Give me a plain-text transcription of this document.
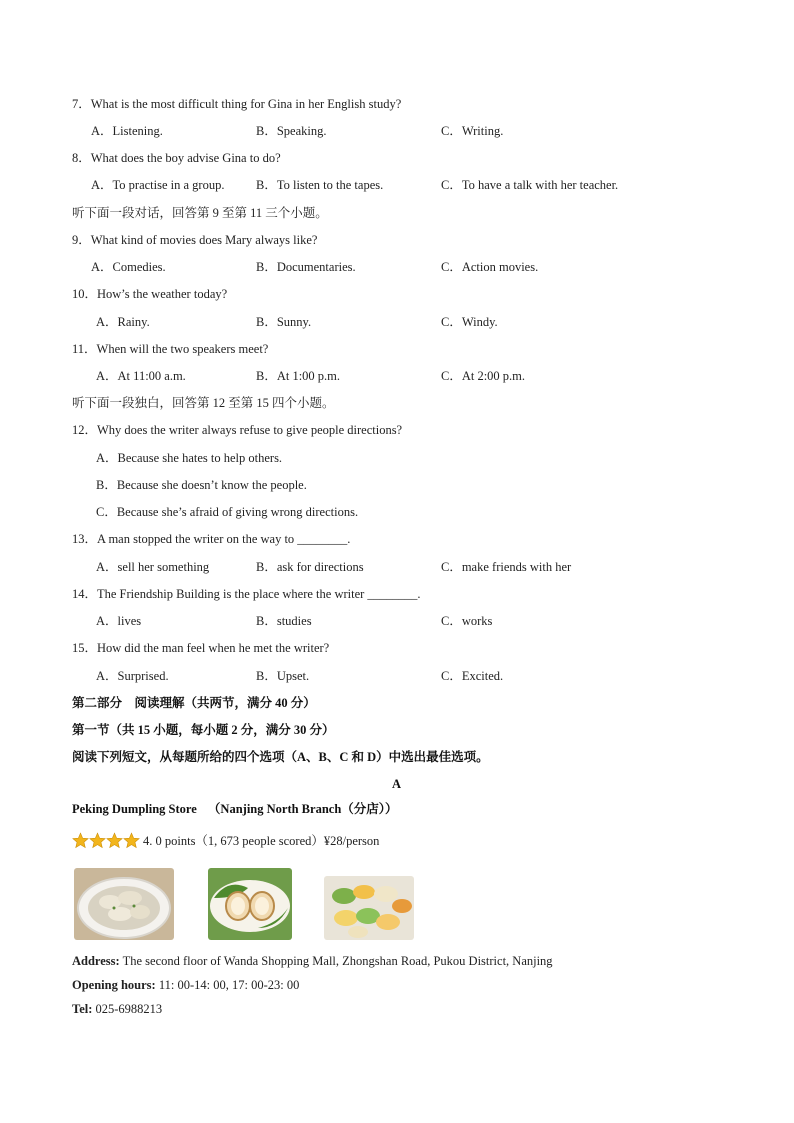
7．What is the most difficult thing for Gina in her English study?
A．Listening.	B．Speaking.	C．Writing.
8．What does the boy advise Gina to do?
A．To practise in a group.	B．To listen to the tapes.	C．To have a talk with her teacher.
听下面一段对话，回答第 9 至第 11 三个小题。
9．What kind of movies does Mary always like?
A．Comedies.	B．Documentaries.	C．Action movies.
10．How’s the weather today?
A．Rainy.	B．Sunny.	C．Windy.
11．When will the two speakers meet?
A．At 11:00 a.m.	B．At 1:00 p.m.	C．At 2:00 p.m.
听下面一段独白，回答第 12 至第 15 四个小题。
12．Why does the writer always refuse to give people directions?
A．Because she hates to help others.
B．Because she doesn’t know the people.
C．Because she’s afraid of giving wrong directions.
13．A man stopped the writer on the way to ________.
A．sell her something	B．ask for directions	C．make friends with her
14．The Friendship Building is the place where the writer ________.
A．lives	B．studies	C．works
15．How did the man feel when he met the writer?
A．Surprised.	B．Upset.	C．Excited.
第二部分　阅读理解（共两节，满分 40 分）
第一节（共 15 小题，每小题 2 分，满分 30 分）
阅读下列短文，从每题所给的四个选项（A、B、C 和 D）中选出最佳选项。
A
Peking Dumpling Store （Nanjing North Branch（分店））
4. 0 points（1, 673 people scored）¥28/person
Address: The second floor of Wanda Shopping Mall, Zhongshan Road, Pukou District, Nanjing
Opening hours: 11: 00-14: 00, 17: 00-23: 00
Tel: 025-6988213
